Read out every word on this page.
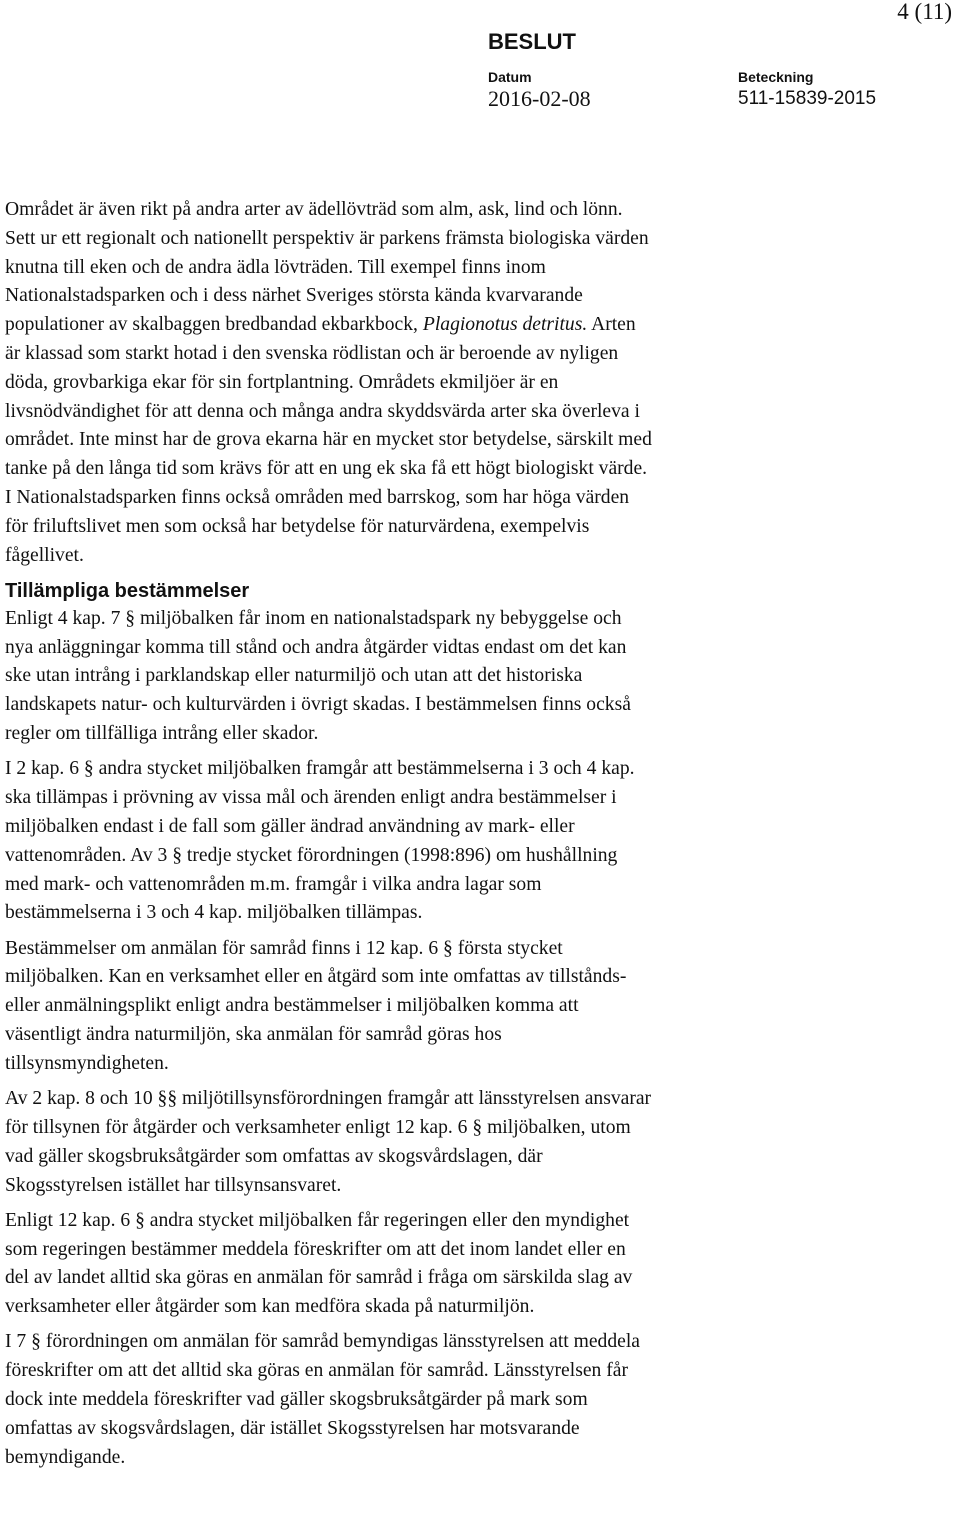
4 (11)
BESLUT
Datum
2016-02-08
Beteckning
511-15839-2015

Området är även rikt på andra arter av ädellövträd som alm, ask, lind och lönn.

Sett ur ett regionalt och nationellt perspektiv är parkens främsta biologiska värden

knutna till eken och de andra ädla lövträden. Till exempel finns inom

Nationalstadsparken och i dess närhet Sveriges största kända kvarvarande

populationer av skalbaggen bredbandad ekbarkbock, Plagionotus detritus. Arten

är klassad som starkt hotad i den svenska rödlistan och är beroende av nyligen

döda, grovbarkiga ekar för sin fortplantning. Områdets ekmiljöer är en

livsnödvändighet för att denna och många andra skyddsvärda arter ska överleva i

området. Inte minst har de grova ekarna här en mycket stor betydelse, särskilt med

tanke på den långa tid som krävs för att en ung ek ska få ett högt biologiskt värde.

I Nationalstadsparken finns också områden med barrskog, som har höga värden

för friluftslivet men som också har betydelse för naturvärdena, exempelvis

fågellivet.

Tillämpliga bestämmelser

Enligt 4 kap. 7 § miljöbalken får inom en nationalstadspark ny bebyggelse och

nya anläggningar komma till stånd och andra åtgärder vidtas endast om det kan

ske utan intrång i parklandskap eller naturmiljö och utan att det historiska

landskapets natur- och kulturvärden i övrigt skadas. I bestämmelsen finns också

regler om tillfälliga intrång eller skador.

I 2 kap. 6 § andra stycket miljöbalken framgår att bestämmelserna i 3 och 4 kap.

ska tillämpas i prövning av vissa mål och ärenden enligt andra bestämmelser i

miljöbalken endast i de fall som gäller ändrad användning av mark- eller

vattenområden. Av 3 § tredje stycket förordningen (1998:896) om hushållning

med mark- och vattenområden m.m. framgår i vilka andra lagar som

bestämmelserna i 3 och 4 kap. miljöbalken tillämpas.

Bestämmelser om anmälan för samråd finns i 12 kap. 6 § första stycket

miljöbalken. Kan en verksamhet eller en åtgärd som inte omfattas av tillstånds-

eller anmälningsplikt enligt andra bestämmelser i miljöbalken komma att

väsentligt ändra naturmiljön, ska anmälan för samråd göras hos

tillsynsmyndigheten.

Av 2 kap. 8 och 10 §§ miljötillsynsförordningen framgår att länsstyrelsen ansvarar

för tillsynen för åtgärder och verksamheter enligt 12 kap. 6 § miljöbalken, utom

vad gäller skogsbruksåtgärder som omfattas av skogsvårdslagen, där

Skogsstyrelsen istället har tillsynsansvaret.

Enligt 12 kap. 6 § andra stycket miljöbalken får regeringen eller den myndighet

som regeringen bestämmer meddela föreskrifter om att det inom landet eller en

del av landet alltid ska göras en anmälan för samråd i fråga om särskilda slag av

verksamheter eller åtgärder som kan medföra skada på naturmiljön.

I 7 § förordningen om anmälan för samråd bemyndigas länsstyrelsen att meddela

föreskrifter om att det alltid ska göras en anmälan för samråd. Länsstyrelsen får

dock inte meddela föreskrifter vad gäller skogsbruksåtgärder på mark som

omfattas av skogsvårdslagen, där istället Skogsstyrelsen har motsvarande

bemyndigande.
